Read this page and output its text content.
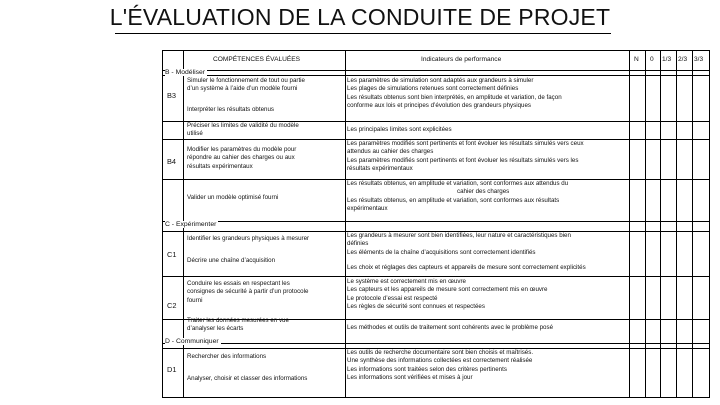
L'ÉVALUATION DE LA CONDUITE DE PROJET
COMPÉTENCES ÉVALUÉES	Indicateurs de performance	N 0 1/3 2/3 3/3
B - Modéliser
C - Expérimenter
D - Communiquer
B3
B4
C1
C2
D1
Simuler le fonctionnement de tout ou partie
d’un système à l’aide d’un modèle fourni
Interpréter les résultats obtenus
Préciser les limites de validité du modèle
utilisé
Modifier les paramètres du modèle pour
répondre au cahier des charges ou aux
résultats expérimentaux
Valider un modèle optimisé fourni
Identifier les grandeurs physiques à mesurer
Décrire une chaîne d’acquisition
Conduire les essais en respectant les
consignes de sécurité à partir d’un protocole
fourni
Traiter les données mesurées en vue
d’analyser les écarts
Rechercher des informations
Analyser, choisir et classer des informations
Les paramètres de simulation sont adaptés aux grandeurs à simuler
Les plages de simulations retenues sont correctement définies
Les résultats obtenus sont bien interprétés, en amplitude et variation, de façon
conforme aux lois et principes d’évolution des grandeurs physiques
Les principales limites sont explicitées
Les paramètres modifiés sont pertinents et font évoluer les résultats simulés vers ceux
attendus au cahier des charges
Les paramètres modifiés sont pertinents et font évoluer les résultats simulés vers les
résultats expérimentaux
Les résultats obtenus, en amplitude et variation, sont conformes aux attendus du
cahier des charges
Les résultats obtenus, en amplitude et variation, sont conformes aux résultats
expérimentaux
Les grandeurs à mesurer sont bien identifiées, leur nature et caractéristiques bien
définies
Les éléments de la chaîne d’acquisitions sont correctement identifiés
Les choix et réglages des capteurs et appareils de mesure sont correctement explicités
Le système est correctement mis en œuvre
Les capteurs et les appareils de mesure sont correctement mis en œuvre
Le protocole d’essai est respecté
Les règles de sécurité sont connues et respectées
Les méthodes et outils de traitement sont cohérents avec le problème posé
Les outils de recherche documentaire sont bien choisis et maîtrisés.
Une synthèse des informations collectées est correctement réalisée
Les informations sont traitées selon des critères pertinents
Les informations sont vérifiées et mises à jour
